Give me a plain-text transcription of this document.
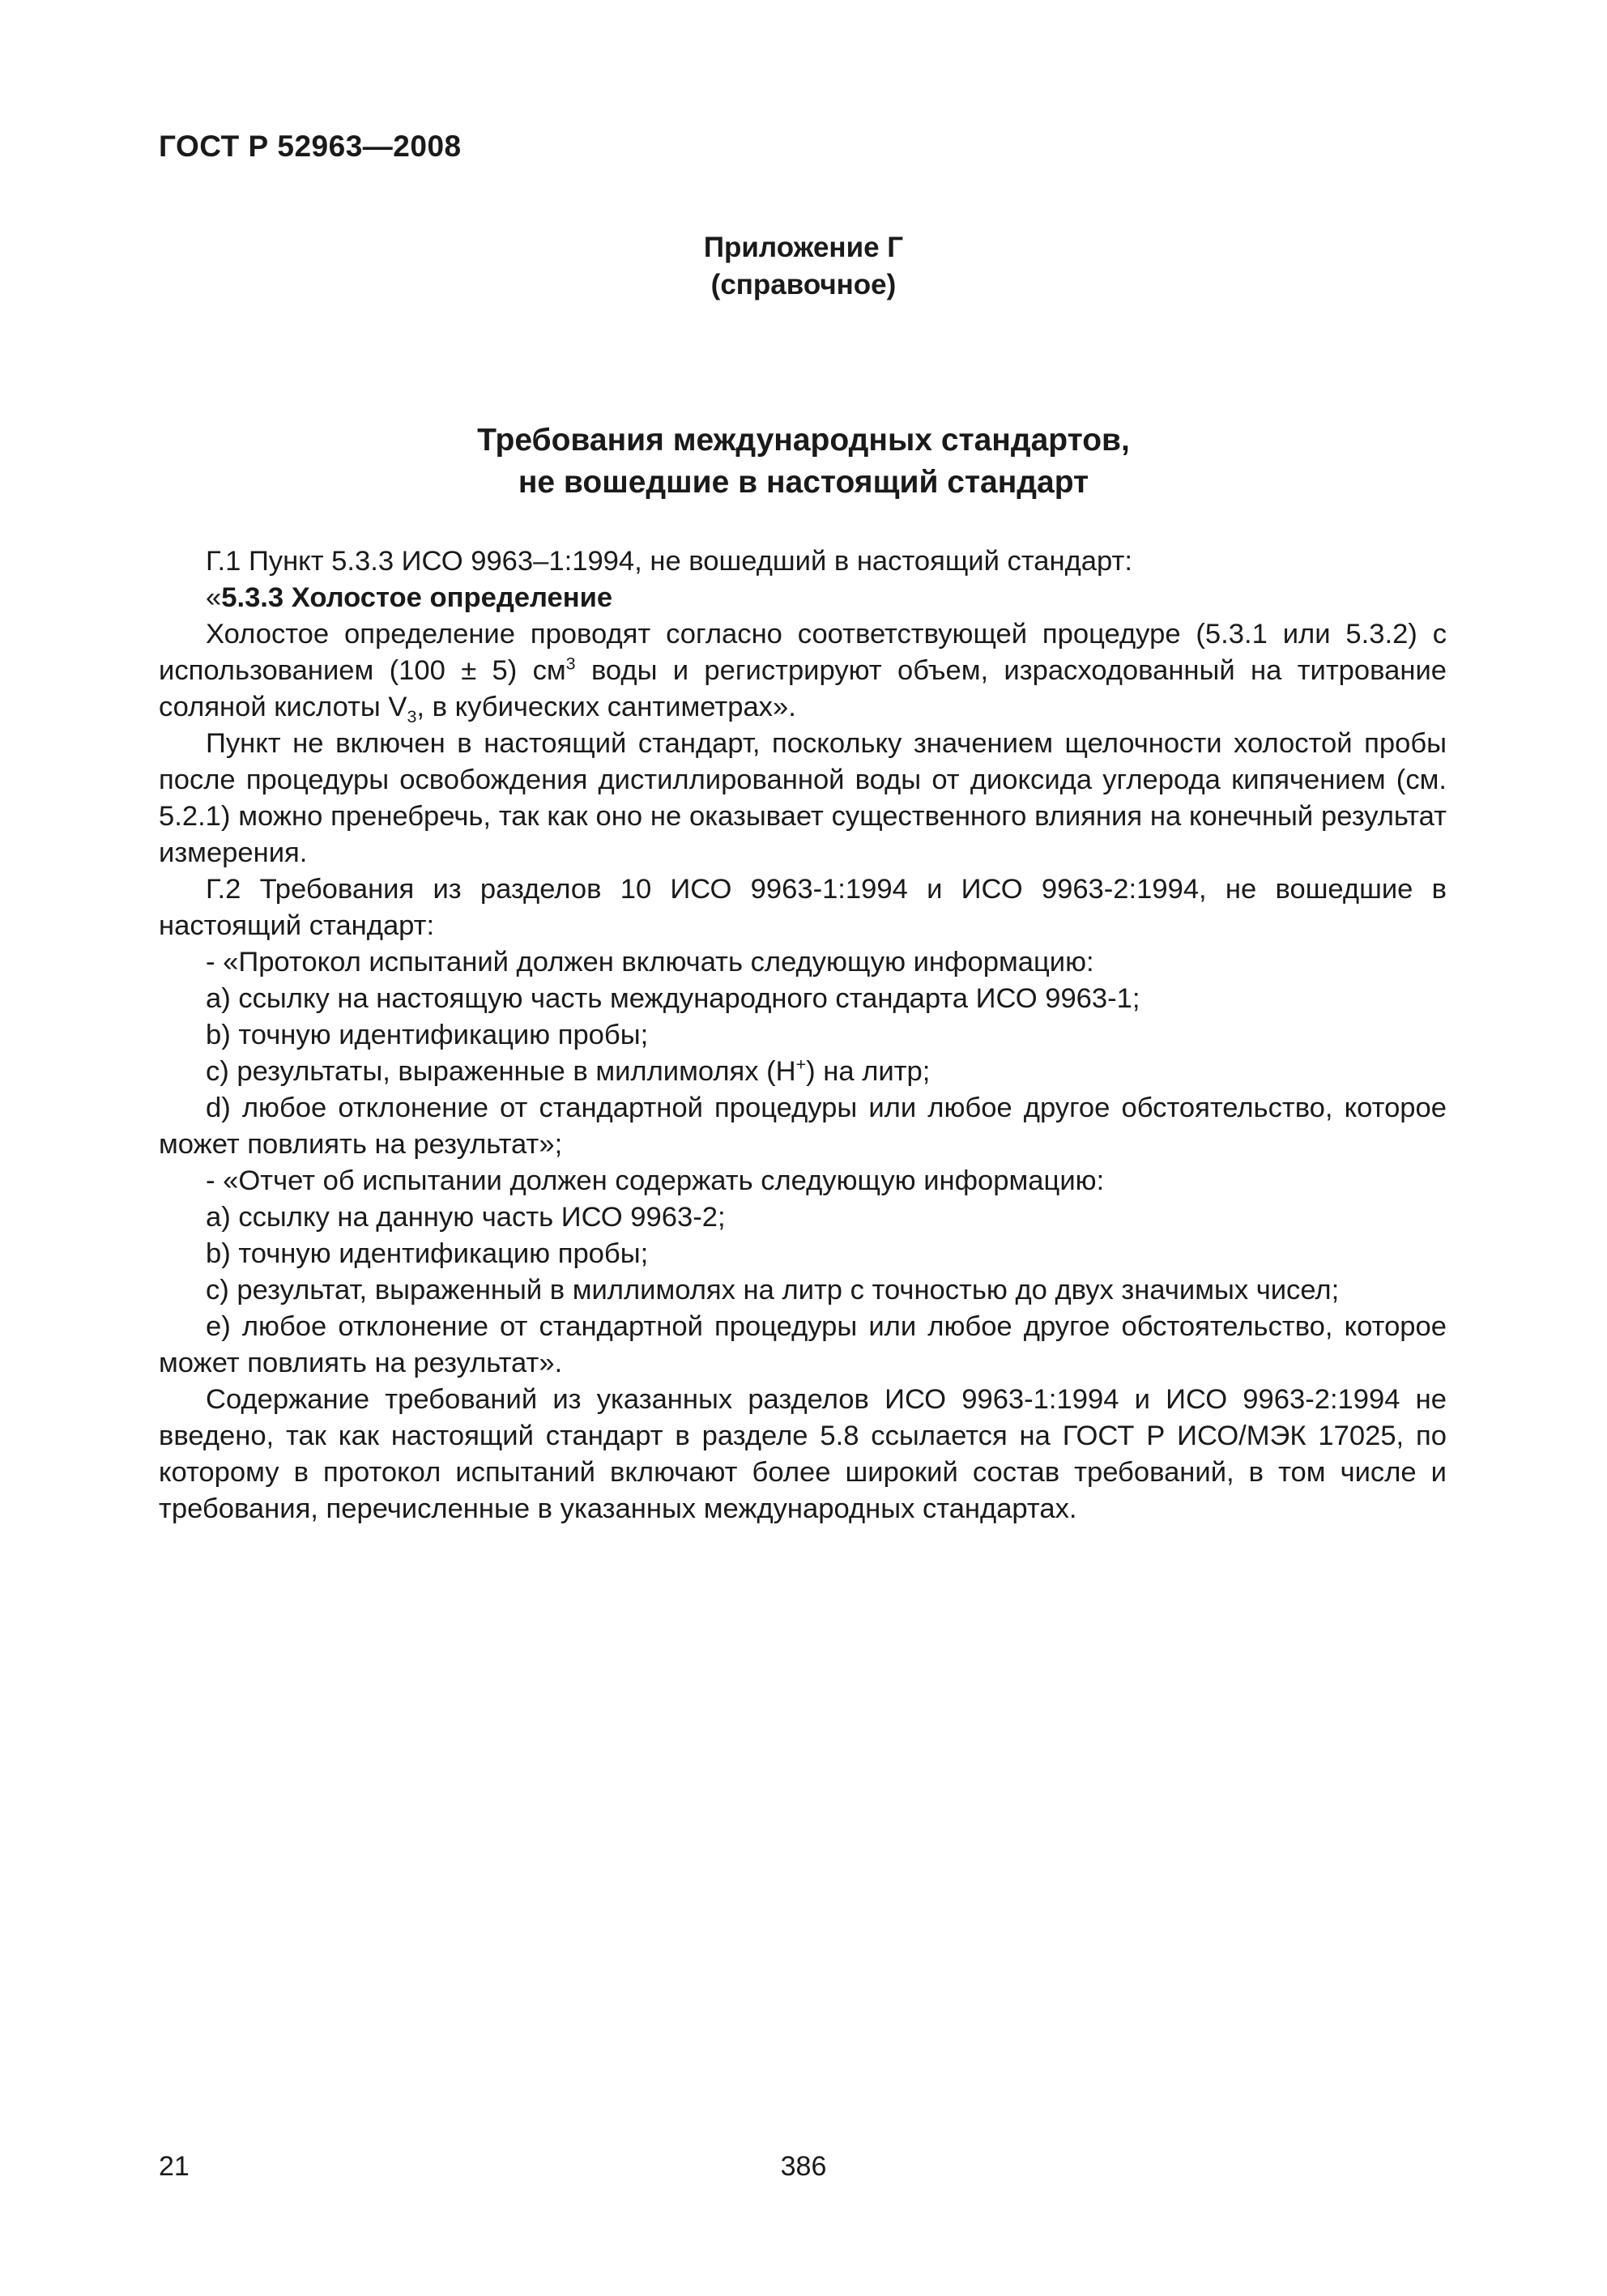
ГОСТ Р 52963—2008
Приложение Г
(справочное)
Требования международных стандартов,
не вошедшие в настоящий стандарт

Г.1 Пункт 5.3.3 ИСО 9963–1:1994, не вошедший в настоящий стандарт:

«5.3.3 Холостое определение

Холостое определение проводят согласно соответствующей процедуре (5.3.1 или 5.3.2) с использованием (100 ± 5) $см^3$ воды и регистрируют объем, израсходованный на титрование соляной кислоты $V_3$, в кубических сантиметрах».

Пункт не включен в настоящий стандарт, поскольку значением щелочности холостой пробы после процедуры освобождения дистиллированной воды от диоксида углерода кипячением (см. 5.2.1) можно пренебречь, так как оно не оказывает существенного влияния на конечный результат измерения.

Г.2 Требования из разделов 10 ИСО 9963-1:1994 и ИСО 9963-2:1994, не вошедшие в настоящий стандарт:

- «Протокол испытаний должен включать следующую информацию:

a) ссылку на настоящую часть международного стандарта ИСО 9963-1;

b) точную идентификацию пробы;

c) результаты, выраженные в миллимолях (H+) на литр;

d) любое отклонение от стандартной процедуры или любое другое обстоятельство, которое может повлиять на результат»;

- «Отчет об испытании должен содержать следующую информацию:

a) ссылку на данную часть ИСО 9963-2;

b) точную идентификацию пробы;

c) результат, выраженный в миллимолях на литр с точностью до двух значимых чисел;

e) любое отклонение от стандартной процедуры или любое другое обстоятельство, которое может повлиять на результат».

Содержание требований из указанных разделов ИСО 9963-1:1994 и ИСО 9963-2:1994 не введено, так как настоящий стандарт в разделе 5.8 ссылается на ГОСТ Р ИСО/МЭК 17025, по которому в протокол испытаний включают более широкий состав требований, в том числе и требования, перечисленные в указанных международных стандартах.

21	386
